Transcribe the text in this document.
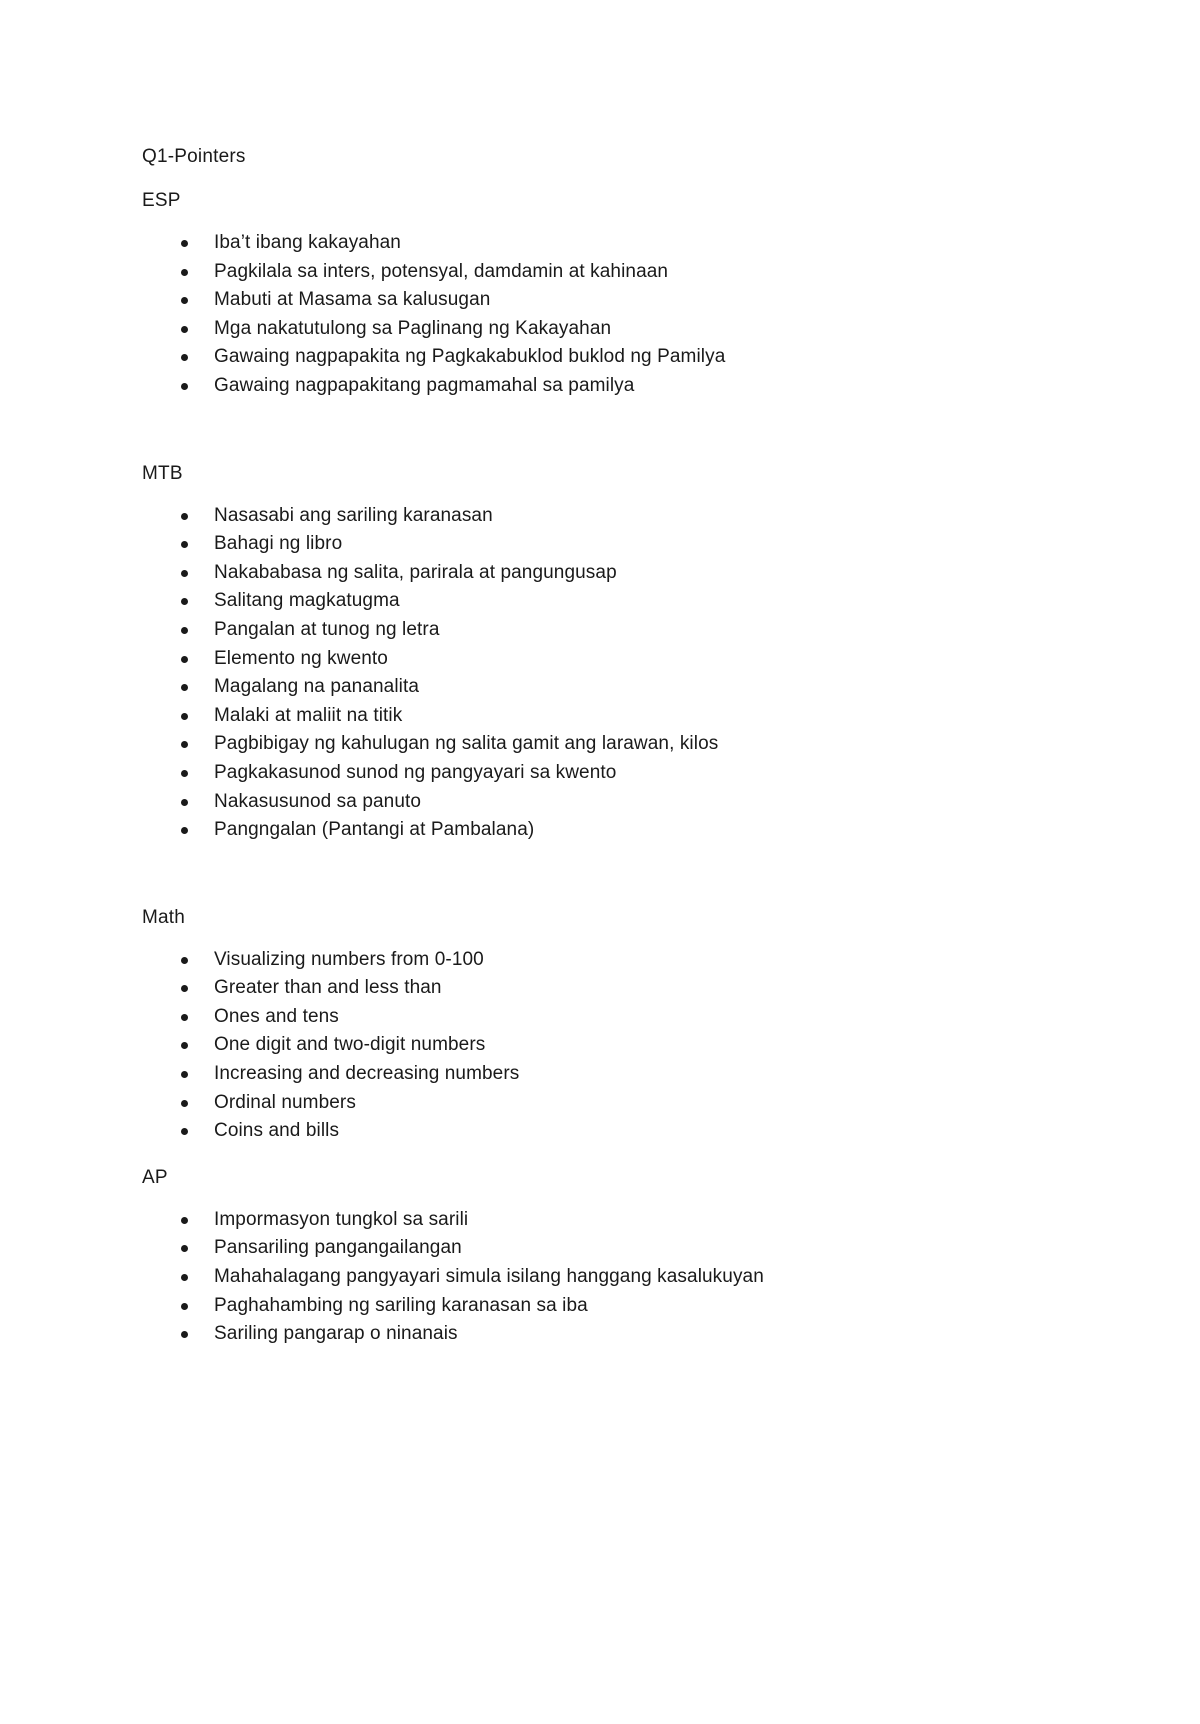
Q1-Pointers
ESP
Iba’t ibang kakayahan
Pagkilala sa inters, potensyal, damdamin at kahinaan
Mabuti at Masama sa kalusugan
Mga nakatutulong sa Paglinang ng Kakayahan
Gawaing nagpapakita ng Pagkakabuklod buklod ng Pamilya
Gawaing nagpapakitang pagmamahal sa pamilya
MTB
Nasasabi ang sariling karanasan
Bahagi ng libro
Nakababasa ng salita, parirala at pangungusap
Salitang magkatugma
Pangalan at tunog ng letra
Elemento ng kwento
Magalang na pananalita
Malaki at maliit na titik
Pagbibigay ng kahulugan ng salita gamit ang larawan, kilos
Pagkakasunod sunod ng pangyayari sa kwento
Nakasusunod sa panuto
Pangngalan (Pantangi at Pambalana)
Math
Visualizing numbers from 0-100
Greater than and less than
Ones and tens
One digit and two-digit numbers
Increasing and decreasing numbers
Ordinal numbers
Coins and bills
AP
Impormasyon tungkol sa sarili
Pansariling pangangailangan
Mahahalagang pangyayari simula isilang hanggang kasalukuyan
Paghahambing ng sariling karanasan sa iba
Sariling pangarap o ninanais
